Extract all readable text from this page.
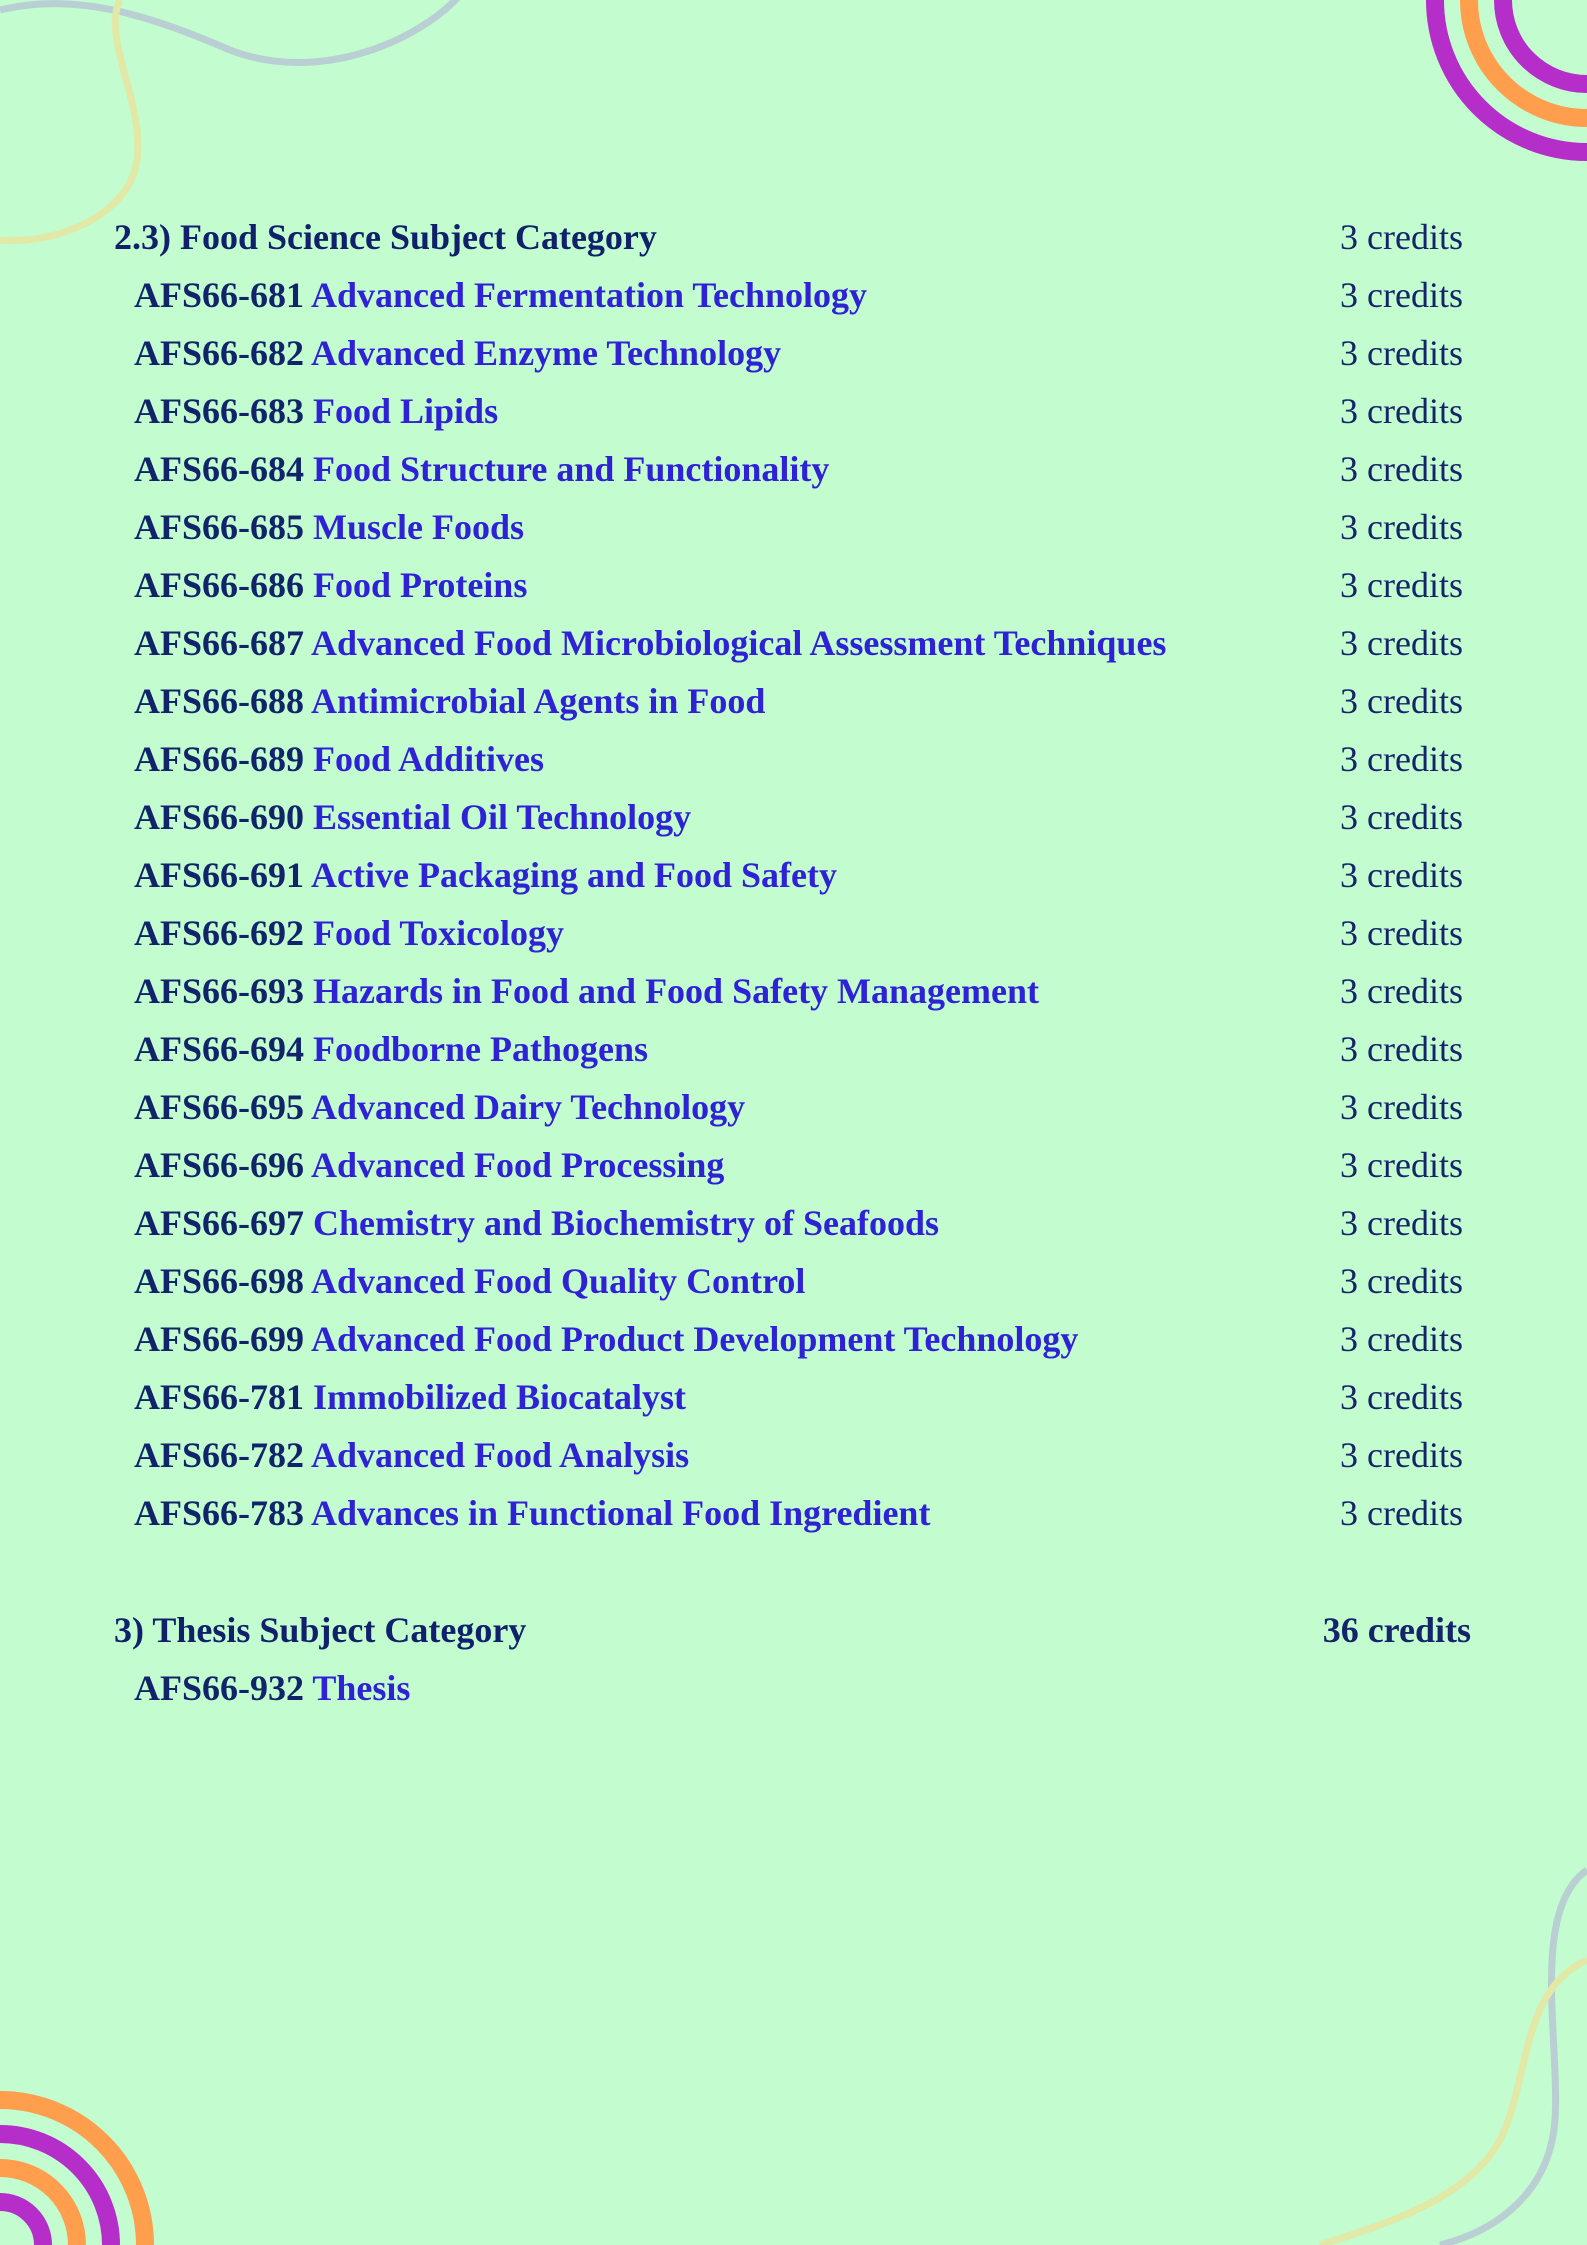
2.3) Food Science Subject Category	3 credits
AFS66-681 Advanced Fermentation Technology	3 credits
AFS66-682 Advanced Enzyme Technology	3 credits
AFS66-683 Food Lipids	3 credits
AFS66-684 Food Structure and Functionality	3 credits
AFS66-685 Muscle Foods	3 credits
AFS66-686 Food Proteins	3 credits
AFS66-687 Advanced Food Microbiological Assessment Techniques	3 credits
AFS66-688 Antimicrobial Agents in Food	3 credits
AFS66-689 Food Additives	3 credits
AFS66-690 Essential Oil Technology	3 credits
AFS66-691 Active Packaging and Food Safety	3 credits
AFS66-692 Food Toxicology	3 credits
AFS66-693 Hazards in Food and Food Safety Management	3 credits
AFS66-694 Foodborne Pathogens	3 credits
AFS66-695 Advanced Dairy Technology	3 credits
AFS66-696 Advanced Food Processing	3 credits
AFS66-697 Chemistry and Biochemistry of Seafoods	3 credits
AFS66-698 Advanced Food Quality Control	3 credits
AFS66-699 Advanced Food Product Development Technology	3 credits
AFS66-781 Immobilized Biocatalyst	3 credits
AFS66-782 Advanced Food Analysis	3 credits
AFS66-783 Advances in Functional Food Ingredient	3 credits
3) Thesis Subject Category	36 credits
AFS66-932 Thesis
